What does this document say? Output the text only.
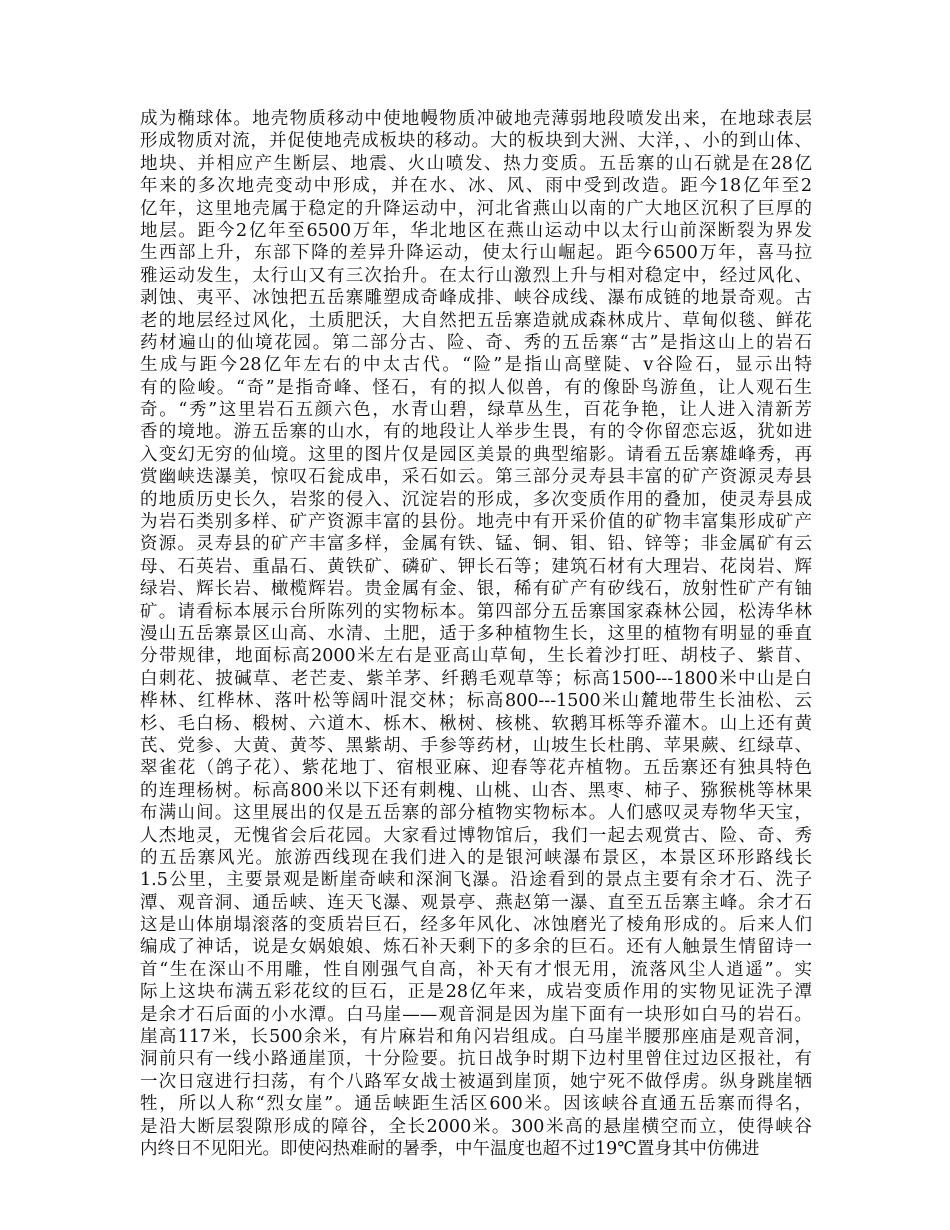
成为椭球体。地壳物质移动中使地幔物质冲破地壳薄弱地段喷发出来，在地球表层
形成物质对流，并促使地壳成板块的移动。大的板块到大洲、大洋，、小的到山体、
地块、并相应产生断层、地震、火山喷发、热力变质。五岳寨的山石就是在28亿
年来的多次地壳变动中形成，并在水、冰、风、雨中受到改造。距今18亿年至2
亿年，这里地壳属于稳定的升降运动中，河北省燕山以南的广大地区沉积了巨厚的
地层。距今2亿年至6500万年，华北地区在燕山运动中以太行山前深断裂为界发
生西部上升，东部下降的差异升降运动，使太行山崛起。距今6500万年，喜马拉
雅运动发生，太行山又有三次抬升。在太行山激烈上升与相对稳定中，经过风化、
剥蚀、夷平、冰蚀把五岳寨雕塑成奇峰成排、峡谷成线、瀑布成链的地景奇观。古
老的地层经过风化，土质肥沃，大自然把五岳寨造就成森林成片、草甸似毯、鲜花
药材遍山的仙境花园。第二部分古、险、奇、秀的五岳寨“古”是指这山上的岩石
生成与距今28亿年左右的中太古代。“险”是指山高壁陡、v谷险石，显示出特
有的险峻。“奇”是指奇峰、怪石，有的拟人似兽，有的像卧鸟游鱼，让人观石生
奇。“秀”这里岩石五颜六色，水青山碧，绿草丛生，百花争艳，让人进入清新芳
香的境地。游五岳寨的山水，有的地段让人举步生畏，有的令你留恋忘返，犹如进
入变幻无穷的仙境。这里的图片仅是园区美景的典型缩影。请看五岳寨雄峰秀，再
赏幽峡迭瀑美，惊叹石瓮成串，采石如云。第三部分灵寿县丰富的矿产资源灵寿县
的地质历史长久，岩浆的侵入、沉淀岩的形成，多次变质作用的叠加，使灵寿县成
为岩石类别多样、矿产资源丰富的县份。地壳中有开采价值的矿物丰富集形成矿产
资源。灵寿县的矿产丰富多样，金属有铁、锰、铜、钼、铅、锌等；非金属矿有云
母、石英岩、重晶石、黄铁矿、磷矿、钾长石等；建筑石材有大理岩、花岗岩、辉
绿岩、辉长岩、橄榄辉岩。贵金属有金、银，稀有矿产有矽线石，放射性矿产有铀
矿。请看标本展示台所陈列的实物标本。第四部分五岳寨国家森林公园，松涛华林
漫山五岳寨景区山高、水清、土肥，适于多种植物生长，这里的植物有明显的垂直
分带规律，地面标高2000米左右是亚高山草甸，生长着沙打旺、胡枝子、紫苜、
白刺花、披碱草、老芒麦、紫羊茅、纤鹅毛观草等；标高1500---1800米中山是白
桦林、红桦林、落叶松等阔叶混交林；标高800---1500米山麓地带生长油松、云
杉、毛白杨、椴树、六道木、栎木、楸树、核桃、软鹅耳栎等乔灌木。山上还有黄
芪、党参、大黄、黄芩、黑紫胡、手参等药材，山坡生长杜鹃、苹果蕨、红绿草、
翠雀花（鸽子花）、紫花地丁、宿根亚麻、迎春等花卉植物。五岳寨还有独具特色
的连理杨树。标高800米以下还有刺槐、山桃、山杏、黑枣、柿子、猕猴桃等林果
布满山间。这里展出的仅是五岳寨的部分植物实物标本。人们感叹灵寿物华天宝，
人杰地灵，无愧省会后花园。大家看过博物馆后，我们一起去观赏古、险、奇、秀
的五岳寨风光。旅游西线现在我们进入的是银河峡瀑布景区，本景区环形路线长
1.5公里，主要景观是断崖奇峡和深涧飞瀑。沿途看到的景点主要有余才石、洗子
潭、观音洞、通岳峡、连天飞瀑、观景亭、燕赵第一瀑、直至五岳寨主峰。余才石
这是山体崩塌滚落的变质岩巨石，经多年风化、冰蚀磨光了棱角形成的。后来人们
编成了神话，说是女娲娘娘、炼石补天剩下的多余的巨石。还有人触景生情留诗一
首“生在深山不用雕，性自刚强气自高，补天有才恨无用，流落风尘人逍遥”。实
际上这块布满五彩花纹的巨石，正是28亿年来，成岩变质作用的实物见证洗子潭
是余才石后面的小水潭。白马崖——观音洞是因为崖下面有一块形如白马的岩石。
崖高117米，长500余米，有片麻岩和角闪岩组成。白马崖半腰那座庙是观音洞，
洞前只有一线小路通崖顶，十分险要。抗日战争时期下边村里曾住过边区报社，有
一次日寇进行扫荡，有个八路军女战士被逼到崖顶，她宁死不做俘虏。纵身跳崖牺
牲，所以人称“烈女崖”。通岳峡距生活区600米。因该峡谷直通五岳寨而得名，
是沿大断层裂隙形成的障谷，全长2000米。300米高的悬崖横空而立，使得峡谷
内终日不见阳光。即使闷热难耐的暑季，中午温度也超不过19℃置身其中仿佛进
